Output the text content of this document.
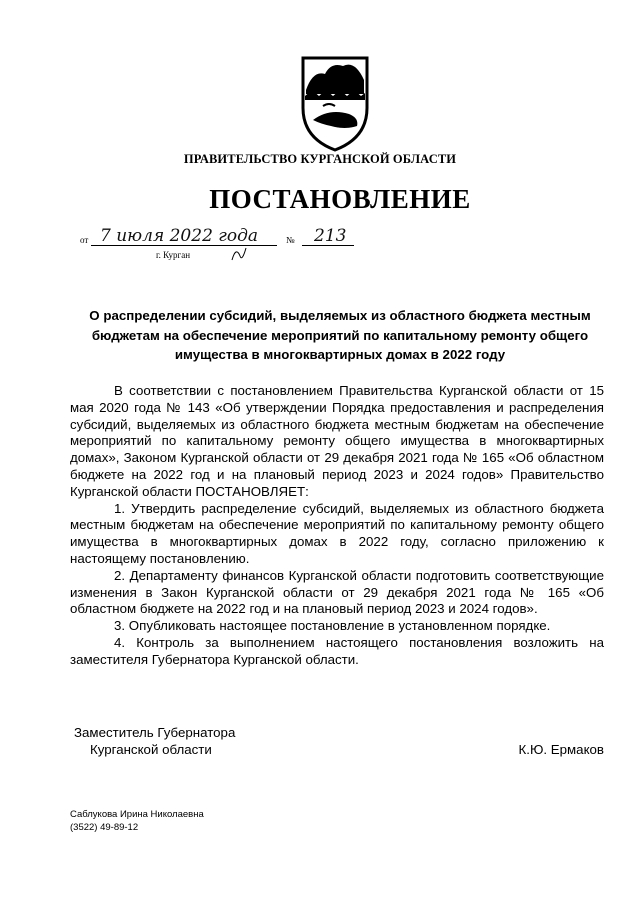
ПРАВИТЕЛЬСТВО КУРГАНСКОЙ ОБЛАСТИ
ПОСТАНОВЛЕНИЕ
от 7 июля 2022 года	№ 213
г. Курган
О распределении субсидий, выделяемых из областного бюджета местным бюджетам на обеспечение мероприятий по капитальному ремонту общего имущества в многоквартирных домах в 2022 году

В соответствии с постановлением Правительства Курганской области от 15 мая 2020 года № 143 «Об утверждении Порядка предоставления и распределения субсидий, выделяемых из областного бюджета местным бюджетам на обеспечение мероприятий по капитальному ремонту общего имущества в многоквартирных домах», Законом Курганской области от 29 декабря 2021 года № 165 «Об областном бюджете на 2022 год и на плановый период 2023 и 2024 годов» Правительство Курганской области ПОСТАНОВЛЯЕТ:

1. Утвердить распределение субсидий, выделяемых из областного бюджета местным бюджетам на обеспечение мероприятий по капитальному ремонту общего имущества в многоквартирных домах в 2022 году, согласно приложению к настоящему постановлению.

2. Департаменту финансов Курганской области подготовить соответствующие изменения в Закон Курганской области от 29 декабря 2021 года № 165 «Об областном бюджете на 2022 год и на плановый период 2023 и 2024 годов».

3. Опубликовать настоящее постановление в установленном порядке.

4. Контроль за выполнением настоящего постановления возложить на заместителя Губернатора Курганской области.

Заместитель Губернатора
Курганской области	К.Ю. Ермаков
Саблукова Ирина Николаевна
(3522) 49-89-12
